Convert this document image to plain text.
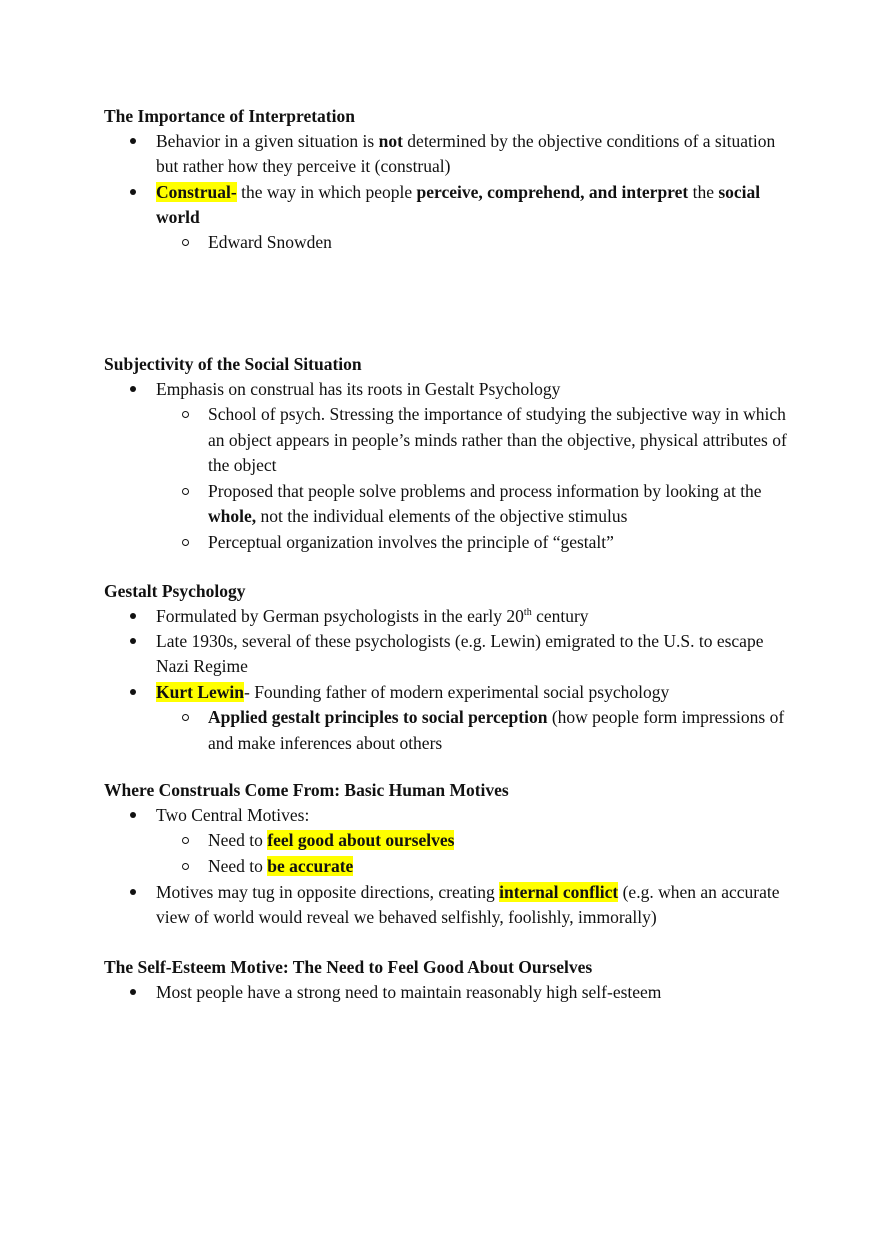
The Importance of Interpretation
Behavior in a given situation is not determined by the objective conditions of a situation but rather how they perceive it (construal)
Construal- the way in which people perceive, comprehend, and interpret the social world
Edward Snowden
Subjectivity of the Social Situation
Emphasis on construal has its roots in Gestalt Psychology
School of psych. Stressing the importance of studying the subjective way in which an object appears in people’s minds rather than the objective, physical attributes of the object
Proposed that people solve problems and process information by looking at the whole, not the individual elements of the objective stimulus
Perceptual organization involves the principle of “gestalt”
Gestalt Psychology
Formulated by German psychologists in the early 20th century
Late 1930s, several of these psychologists (e.g. Lewin) emigrated to the U.S. to escape Nazi Regime
Kurt Lewin- Founding father of modern experimental social psychology
Applied gestalt principles to social perception (how people form impressions of and make inferences about others
Where Construals Come From: Basic Human Motives
Two Central Motives:
Need to feel good about ourselves
Need to be accurate
Motives may tug in opposite directions, creating internal conflict (e.g. when an accurate view of world would reveal we behaved selfishly, foolishly, immorally)
The Self-Esteem Motive: The Need to Feel Good About Ourselves
Most people have a strong need to maintain reasonably high self-esteem
